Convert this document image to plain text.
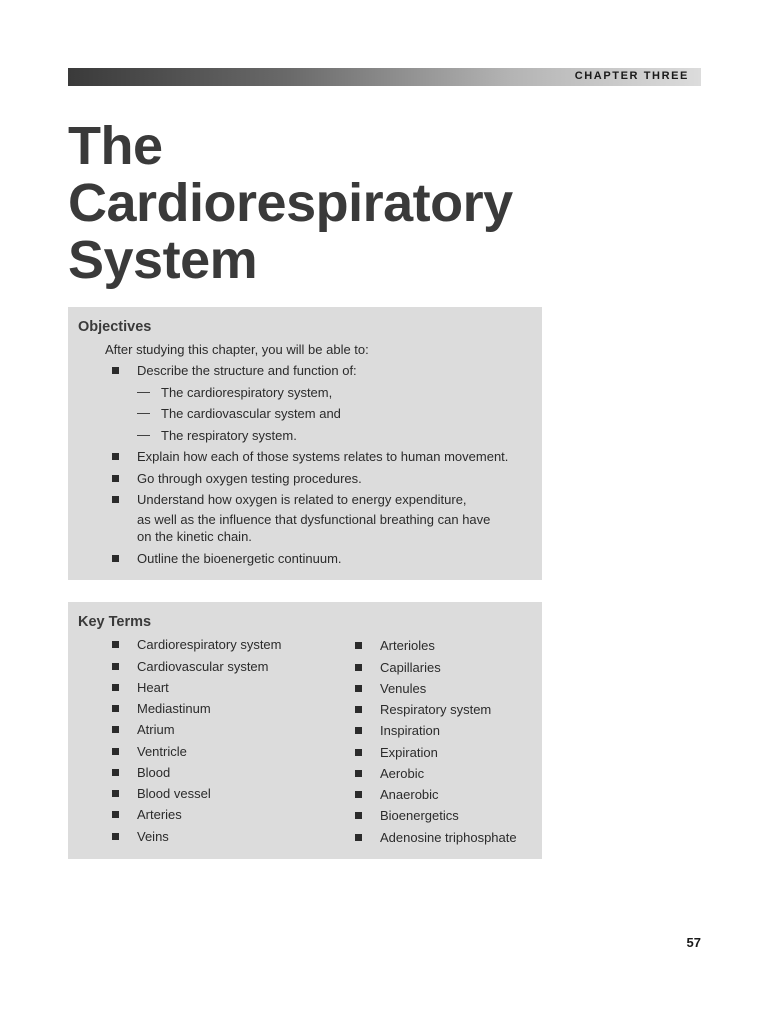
CHAPTER THREE
The
Cardiorespiratory
System
Objectives
After studying this chapter, you will be able to:
Describe the structure and function of:
— The cardiorespiratory system,
— The cardiovascular system and
— The respiratory system.
Explain how each of those systems relates to human movement.
Go through oxygen testing procedures.
Understand how oxygen is related to energy expenditure,
as well as the influence that dysfunctional breathing can have
on the kinetic chain.
Outline the bioenergetic continuum.
Key Terms
Cardiorespiratory system
Cardiovascular system
Heart
Mediastinum
Atrium
Ventricle
Blood
Blood vessel
Arteries
Veins
Arterioles
Capillaries
Venules
Respiratory system
Inspiration
Expiration
Aerobic
Anaerobic
Bioenergetics
Adenosine triphosphate
57
